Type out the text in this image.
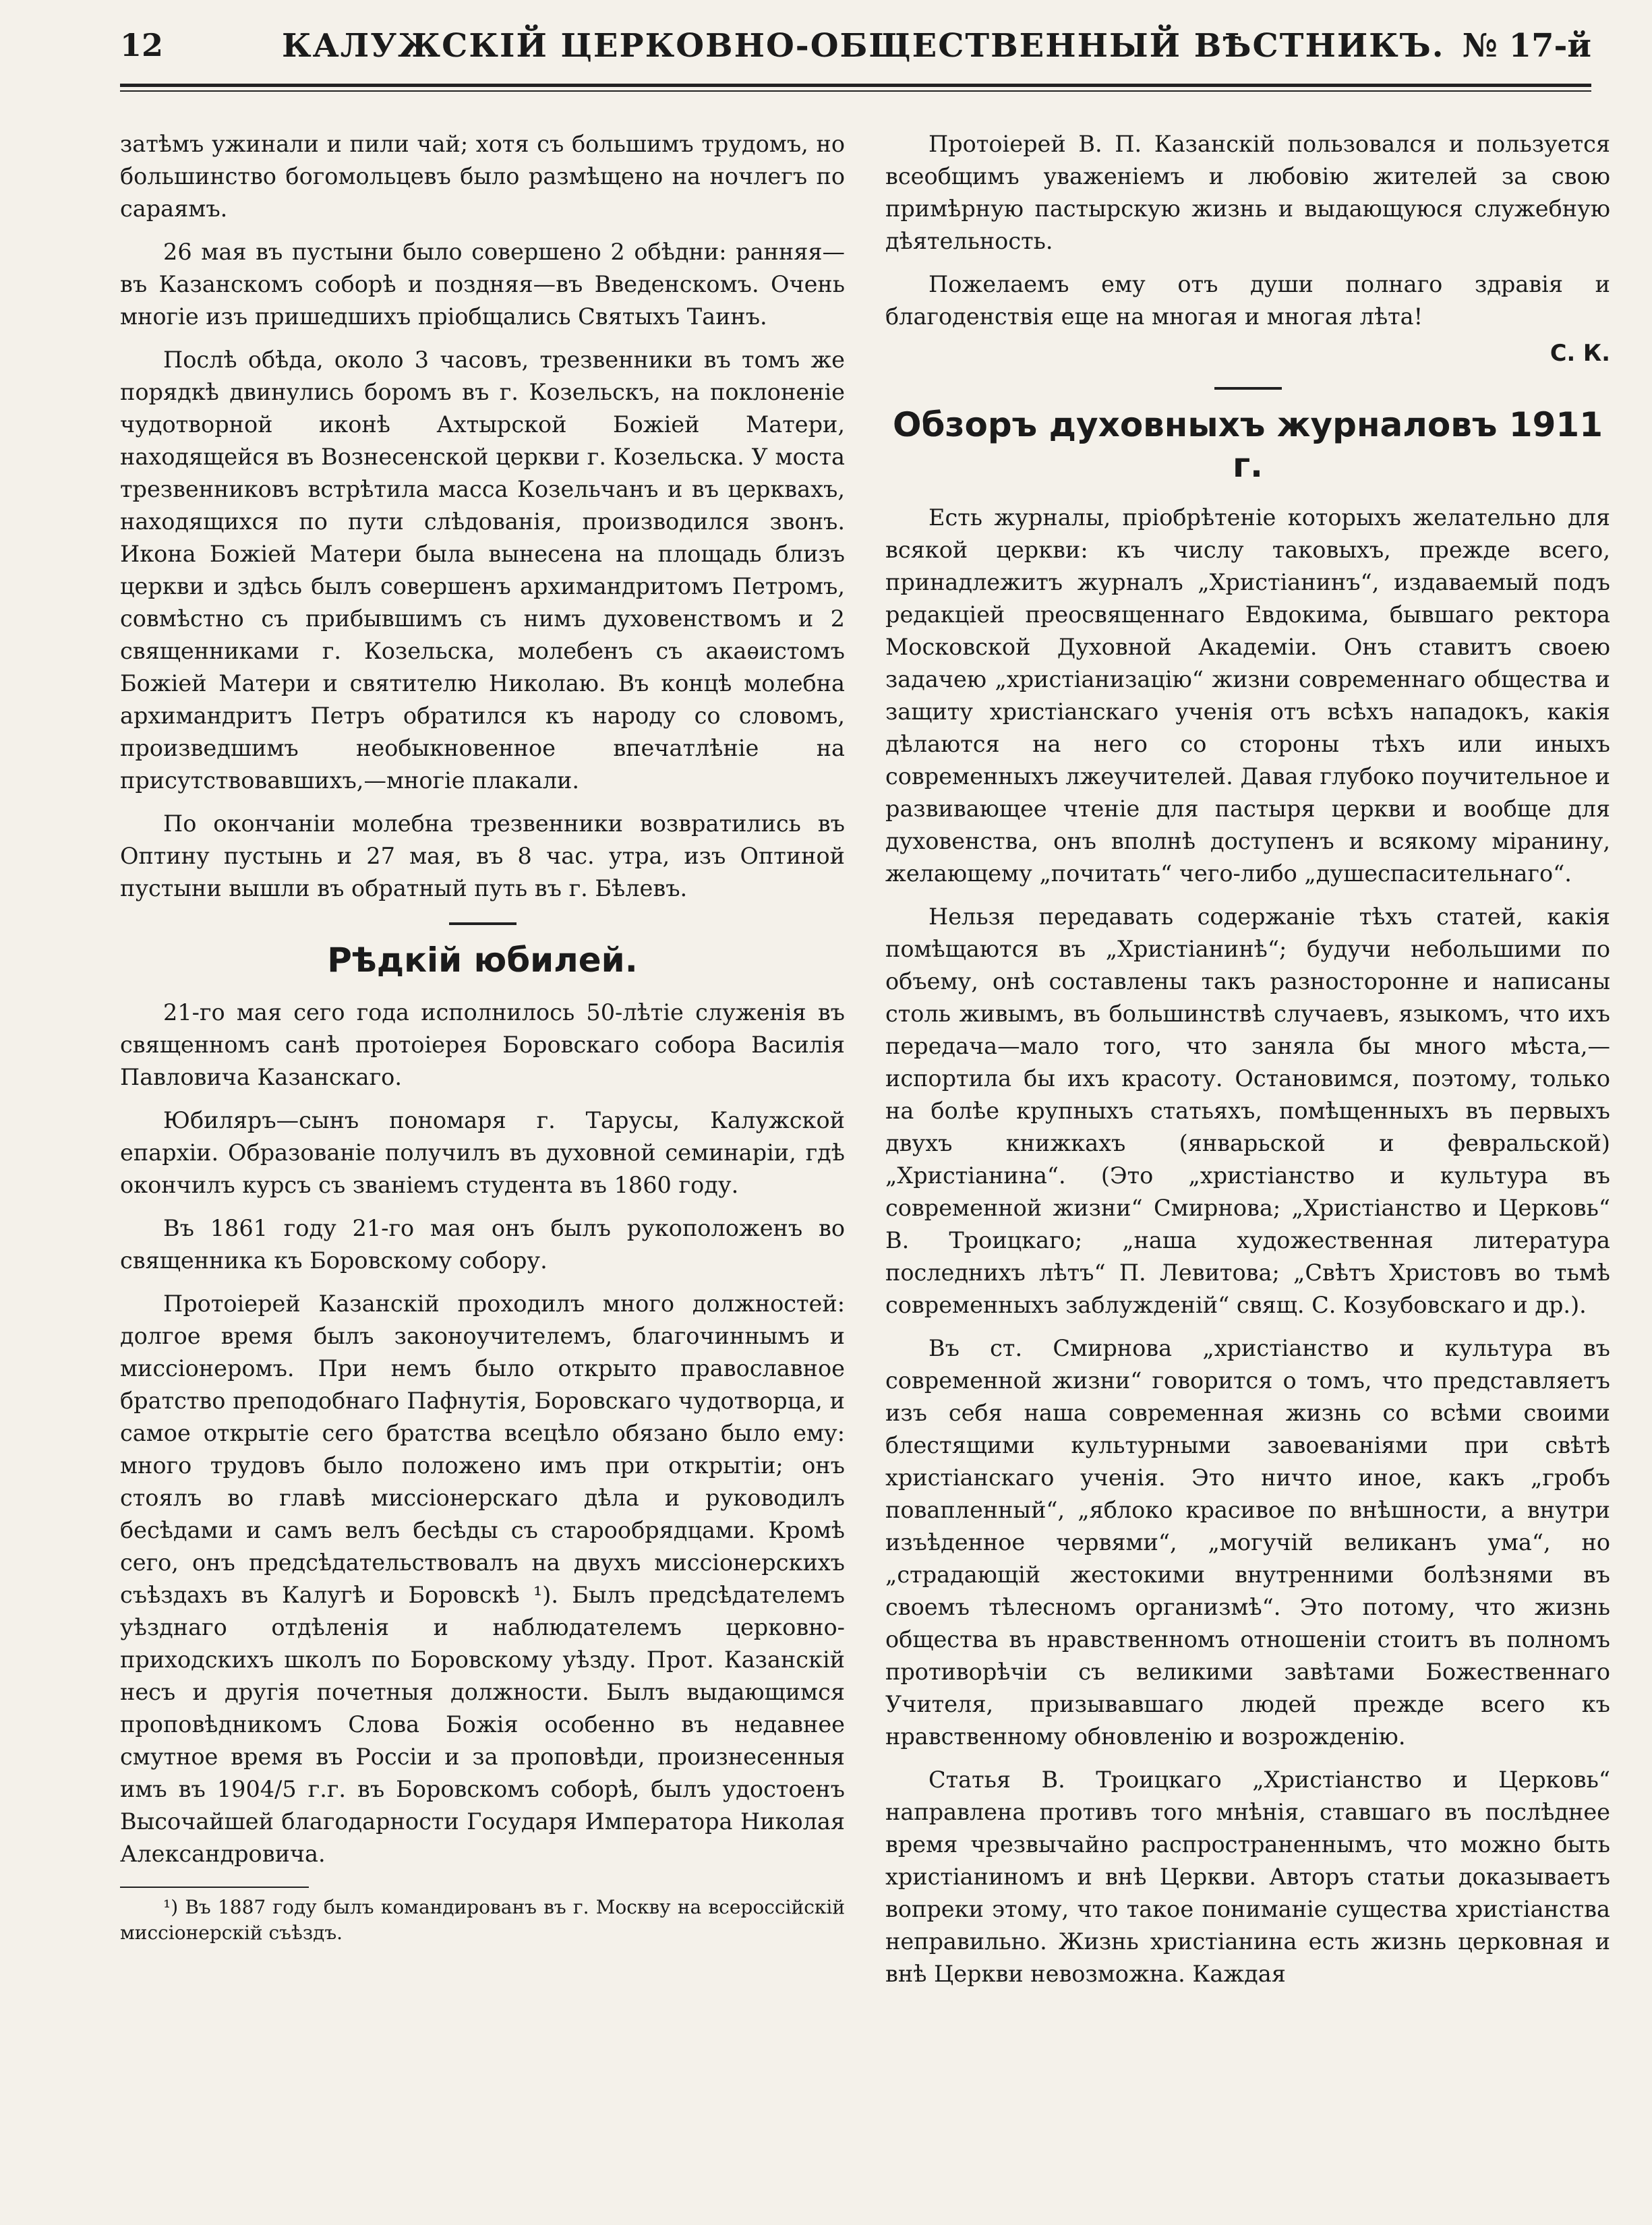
12	КАЛУЖСКІЙ ЦЕРКОВНО-ОБЩЕСТВЕННЫЙ ВѢСТНИКЪ. № 17-й

затѣмъ ужинали и пили чай; хотя съ большимъ трудомъ, но большинство богомольцевъ было размѣщено на ночлегъ по сараямъ.

26 мая въ пустыни было совершено 2 обѣдни: ранняя—въ Казанскомъ соборѣ и поздняя—въ Введенскомъ. Очень многіе изъ пришедшихъ пріобщались Святыхъ Таинъ.

Послѣ обѣда, около 3 часовъ, трезвенники въ томъ же порядкѣ двинулись боромъ въ г. Козельскъ, на поклоненіе чудотворной иконѣ Ахтырской Божіей Матери, находящейся въ Вознесенской церкви г. Козельска. У моста трезвенниковъ встрѣтила масса Козельчанъ и въ церквахъ, находящихся по пути слѣдованія, производился звонъ. Икона Божіей Матери была вынесена на площадь близъ церкви и здѣсь былъ совершенъ архимандритомъ Петромъ, совмѣстно съ прибывшимъ съ нимъ духовенствомъ и 2 священниками г. Козельска, молебенъ съ акаѳистомъ Божіей Матери и святителю Николаю. Въ концѣ молебна архимандритъ Петръ обратился къ народу со словомъ, произведшимъ необыкновенное впечатлѣніе на присутствовавшихъ,—многіе плакали.

По окончаніи молебна трезвенники возвратились въ Оптину пустынь и 27 мая, въ 8 час. утра, изъ Оптиной пустыни вышли въ обратный путь въ г. Бѣлевъ.

Рѣдкій юбилей.

21-го мая сего года исполнилось 50-лѣтіе служенія въ священномъ санѣ протоіерея Боровскаго собора Василія Павловича Казанскаго.

Юбиляръ—сынъ пономаря г. Тарусы, Калужской епархіи. Образованіе получилъ въ духовной семинаріи, гдѣ окончилъ курсъ съ званіемъ студента въ 1860 году.

Въ 1861 году 21-го мая онъ былъ рукоположенъ во священника къ Боровскому собору.

Протоіерей Казанскій проходилъ много должностей: долгое время былъ законоучителемъ, благочиннымъ и миссіонеромъ. При немъ было открыто православное братство преподобнаго Пафнутія, Боровскаго чудотворца, и самое открытіе сего братства всецѣло обязано было ему: много трудовъ было положено имъ при открытіи; онъ стоялъ во главѣ миссіонерскаго дѣла и руководилъ бесѣдами и самъ велъ бесѣды съ старообрядцами. Кромѣ сего, онъ предсѣдательствовалъ на двухъ миссіонерскихъ съѣздахъ въ Калугѣ и Боровскѣ ¹). Былъ предсѣдателемъ уѣзднаго отдѣленія и наблюдателемъ церковно-приходскихъ школъ по Боровскому уѣзду. Прот. Казанскій несъ и другія почетныя должности. Былъ выдающимся проповѣдникомъ Слова Божія особенно въ недавнее смутное время въ Россіи и за проповѣди, произнесенныя имъ въ 1904/5 г.г. въ Боровскомъ соборѣ, былъ удостоенъ Высочайшей благодарности Государя Императора Николая Александровича.

¹) Въ 1887 году былъ командированъ въ г. Москву на всероссійскій миссіонерскій съѣздъ.

Протоіерей В. П. Казанскій пользовался и пользуется всеобщимъ уваженіемъ и любовію жителей за свою примѣрную пастырскую жизнь и выдающуюся служебную дѣятельность.

Пожелаемъ ему отъ души полнаго здравія и благоденствія еще на многая и многая лѣта!

С. К.
Обзоръ духовныхъ журналовъ 1911 г.

Есть журналы, пріобрѣтеніе которыхъ желательно для всякой церкви: къ числу таковыхъ, прежде всего, принадлежитъ журналъ „Христіанинъ“, издаваемый подъ редакціей преосвященнаго Евдокима, бывшаго ректора Московской Духовной Академіи. Онъ ставитъ своею задачею „христіанизацію“ жизни современнаго общества и защиту христіанскаго ученія отъ всѣхъ нападокъ, какія дѣлаются на него со стороны тѣхъ или иныхъ современныхъ лжеучителей. Давая глубоко поучительное и развивающее чтеніе для пастыря церкви и вообще для духовенства, онъ вполнѣ доступенъ и всякому міранину, желающему „почитать“ чего-либо „душеспасительнаго“.

Нельзя передавать содержаніе тѣхъ статей, какія помѣщаются въ „Христіанинѣ“; будучи небольшими по объему, онѣ составлены такъ разносторонне и написаны столь живымъ, въ большинствѣ случаевъ, языкомъ, что ихъ передача—мало того, что заняла бы много мѣста,—испортила бы ихъ красоту. Остановимся, поэтому, только на болѣе крупныхъ статьяхъ, помѣщенныхъ въ первыхъ двухъ книжкахъ (январьской и февральской) „Христіанина“. (Это „христіанство и культура въ современной жизни“ Смирнова; „Христіанство и Церковь“ В. Троицкаго; „наша художественная литература последнихъ лѣтъ“ П. Левитова; „Свѣтъ Христовъ во тьмѣ современныхъ заблужденій“ свящ. С. Козубовскаго и др.).

Въ ст. Смирнова „христіанство и культура въ современной жизни“ говорится о томъ, что представляетъ изъ себя наша современная жизнь со всѣми своими блестящими культурными завоеваніями при свѣтѣ христіанскаго ученія. Это ничто иное, какъ „гробъ повапленный“, „яблоко красивое по внѣшности, а внутри изъѣденное червями“, „могучій великанъ ума“, но „страдающій жестокими внутренними болѣзнями въ своемъ тѣлесномъ организмѣ“. Это потому, что жизнь общества въ нравственномъ отношеніи стоитъ въ полномъ противорѣчіи съ великими завѣтами Божественнаго Учителя, призывавшаго людей прежде всего къ нравственному обновленію и возрожденію.

Статья В. Троицкаго „Христіанство и Церковь“ направлена противъ того мнѣнія, ставшаго въ послѣднее время чрезвычайно распространеннымъ, что можно быть христіаниномъ и внѣ Церкви. Авторъ статьи доказываетъ вопреки этому, что такое пониманіе существа христіанства неправильно. Жизнь христіанина есть жизнь церковная и внѣ Церкви невозможна. Каждая
